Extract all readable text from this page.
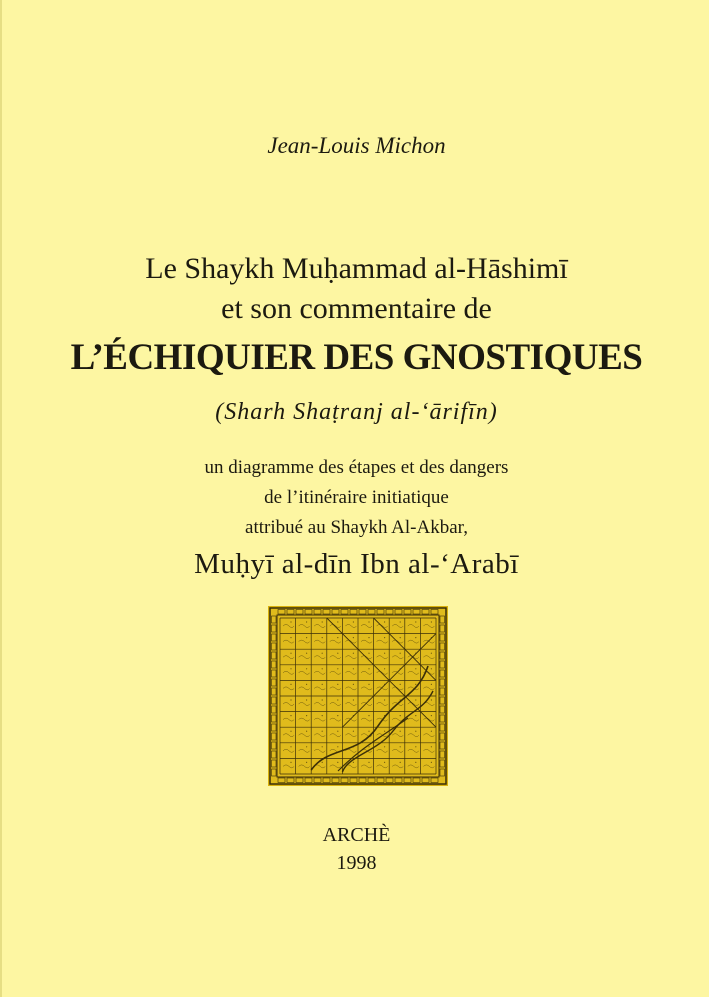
Jean-Louis Michon
Le Shaykh Muḥammad al-Hāshimī
et son commentaire de
L’ÉCHIQUIER DES GNOSTIQUES
(Sharh Shaṭranj al-‘ārifīn)
un diagramme des étapes et des dangers
de l’itinéraire initiatique
attribué au Shaykh Al-Akbar,
Muḥyī al-dīn Ibn al-‘Arabī
ARCHÈ
1998
